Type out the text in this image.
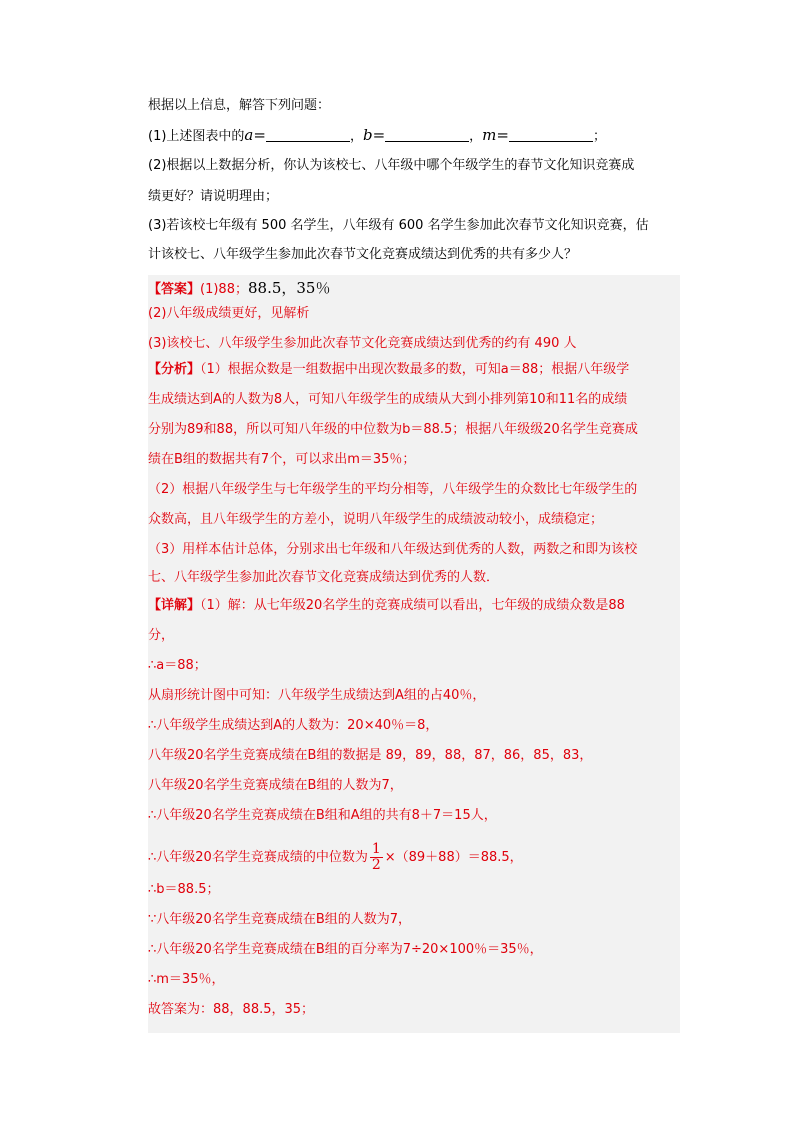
根据以上信息，解答下列问题：
(1)上述图表中的a=	，b=	，m=	；
(2)根据以上数据分析，你认为该校七、八年级中哪个年级学生的春节文化知识竞赛成
绩更好？请说明理由；
(3)若该校七年级有 500 名学生，八年级有 600 名学生参加此次春节文化知识竞赛，估
计该校七、八年级学生参加此次春节文化竞赛成绩达到优秀的共有多少人？
【答案】(1)88；88.5，35％
(2)八年级成绩更好，见解析
(3)该校七、八年级学生参加此次春节文化竞赛成绩达到优秀的约有 490 人
【分析】（1）根据众数是一组数据中出现次数最多的数，可知a＝88；根据八年级学
生成绩达到A的人数为8人，可知八年级学生的成绩从大到小排列第10和11名的成绩
分别为89和88，所以可知八年级的中位数为b＝88.5；根据八年级级20名学生竞赛成
绩在B组的数据共有7个，可以求出m＝35％；
（2）根据八年级学生与七年级学生的平均分相等，八年级学生的众数比七年级学生的
众数高，且八年级学生的方差小，说明八年级学生的成绩波动较小，成绩稳定；
（3）用样本估计总体，分别求出七年级和八年级达到优秀的人数，两数之和即为该校
七、八年级学生参加此次春节文化竞赛成绩达到优秀的人数．
【详解】（1）解：从七年级20名学生的竞赛成绩可以看出，七年级的成绩众数是88
分，
∴a＝88；
从扇形统计图中可知：八年级学生成绩达到A组的占40％，
∴八年级学生成绩达到A的人数为：20×40％＝8，
八年级20名学生竞赛成绩在B组的数据是 89，89，88，87，86，85，83，
八年级20名学生竞赛成绩在B组的人数为7，
∴八年级20名学生竞赛成绩在B组和A组的共有8＋7＝15人，
∴八年级20名学生竞赛成绩的中位数为 $\frac{1}{2} \times(89+88)=88.5$，
∴b＝88.5；
∵八年级20名学生竞赛成绩在B组的人数为7，
∴八年级20名学生竞赛成绩在B组的百分率为7÷20×100％＝35％，
∴m＝35％，
故答案为：88，88.5，35；
